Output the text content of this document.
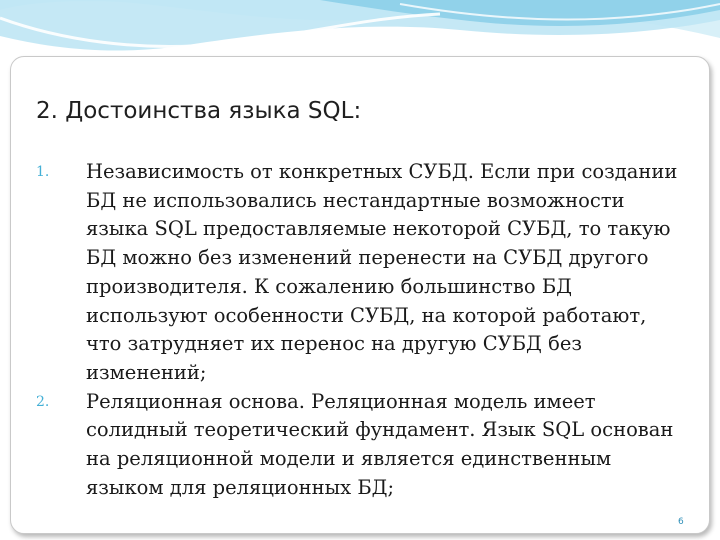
2. Достоинства языка SQL:
1.	Независимость от конкретных СУБД. Если при создании БД не использовались нестандартные возможности языка SQL предоставляемые некоторой СУБД, то такую БД можно без изменений перенести на СУБД другого производителя. К сожалению большинство БД используют особенности СУБД, на которой работают, что затрудняет их перенос на другую СУБД без изменений;
2.	Реляционная основа. Реляционная модель имеет солидный теоретический фундамент. Язык SQL основан на реляционной модели и является единственным языком для реляционных БД;
6
